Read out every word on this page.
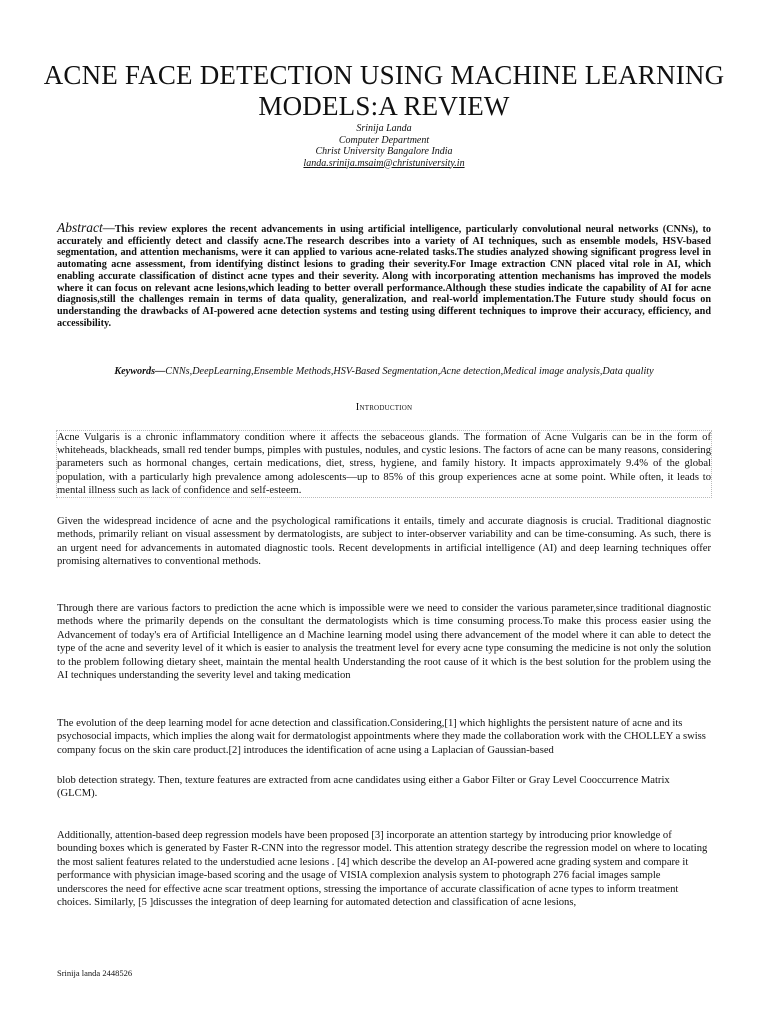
ACNE FACE DETECTION USING MACHINE LEARNING MODELS:A REVIEW
Srinija Landa
Computer Department
Christ University Bangalore India
landa.srinija.msaim@christuniversity.in

Abstract—This review explores the recent advancements in using artificial intelligence, particularly convolutional neural networks (CNNs), to accurately and efficiently detect and classify acne.The research describes into a variety of AI techniques, such as ensemble models, HSV-based segmentation, and attention mechanisms, were it can applied to various acne-related tasks.The studies analyzed showing significant progress level in automating acne assessment, from identifying distinct lesions to grading their severity.For Image extraction CNN placed vital role in AI, which enabling accurate classification of distinct acne types and their severity. Along with incorporating attention mechanisms has improved the models where it can focus on relevant acne lesions,which leading to better overall performance.Although these studies indicate the capability of AI for acne diagnosis,still the challenges remain in terms of data quality, generalization, and real-world implementation.The Future study should focus on understanding the drawbacks of AI-powered acne detection systems and testing using different techniques to improve their accuracy, efficiency, and accessibility.

Keywords—CNNs,DeepLearning,Ensemble Methods,HSV-Based Segmentation,Acne detection,Medical image analysis,Data quality
Introduction

Acne Vulgaris is a chronic inflammatory condition where it affects the sebaceous glands. The formation of Acne Vulgaris can be in the form of whiteheads, blackheads, small red tender bumps, pimples with pustules, nodules, and cystic lesions. The factors of acne can be many reasons, considering parameters such as hormonal changes, certain medications, diet, stress, hygiene, and family history. It impacts approximately 9.4% of the global population, with a particularly high prevalence among adolescents—up to 85% of this group experiences acne at some point. While often, it leads to mental illness such as lack of confidence and self-esteem.

Given the widespread incidence of acne and the psychological ramifications it entails, timely and accurate diagnosis is crucial. Traditional diagnostic methods, primarily reliant on visual assessment by dermatologists, are subject to inter-observer variability and can be time-consuming. As such, there is an urgent need for advancements in automated diagnostic tools. Recent developments in artificial intelligence (AI) and deep learning techniques offer promising alternatives to conventional methods.

Through there are various factors to prediction the acne which is impossible were we need to consider the various parameter,since traditional diagnostic methods where the primarily depends on the consultant the dermatologists which is time consuming process.To make this process easier using the Advancement of today's era of Artificial Intelligence an d Machine learning model using there advancement of the model where it can able to detect the type of the acne and severity level of it which is easier to analysis the treatment level for every acne type consuming the medicine is not only the solution to the problem following dietary sheet, maintain the mental health Understanding the root cause of it which is the best solution for the problem using the AI techniques understanding the severity level and taking medication

The evolution of the deep learning model for acne detection and classification.Considering,[1] which highlights the persistent nature of acne and its psychosocial impacts, which implies the along wait for dermatologist appointments where they made the collaboration work with the CHOLLEY a swiss company focus on the skin care product.[2] introduces the identification of acne using a Laplacian of Gaussian-based

blob detection strategy. Then, texture features are extracted from acne candidates using either a Gabor Filter or Gray Level Cooccurrence Matrix (GLCM).

Additionally, attention-based deep regression models have been proposed [3] incorporate an attention startegy by introducing prior knowledge of bounding boxes which is generated by Faster R-CNN into the regressor model. This attention strategy describe the regression model on where to locating the most salient features related to the understudied acne lesions . [4] which describe the develop an AI-powered acne grading system and compare it performance with physician image-based scoring and the usage of VISIA complexion analysis system to photograph 276 facial images sample underscores the need for effective acne scar treatment options, stressing the importance of accurate classification of acne types to inform treatment choices. Similarly, [5 ]discusses the integration of deep learning for automated detection and classification of acne lesions,

Srinija landa 2448526
